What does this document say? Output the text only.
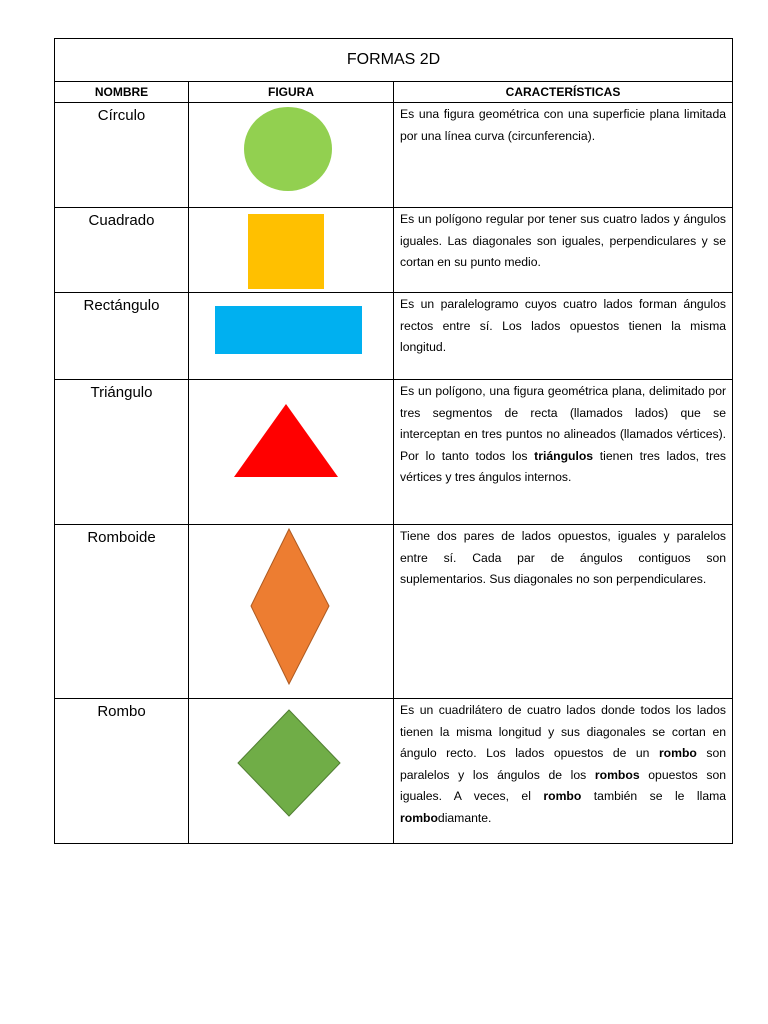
FORMAS 2D		
NOMBRE	FIGURA	CARACTERÍSTICAS
Círculo		Es una figura geométrica con una superficie plana limitada por una línea curva (circunferencia).

Cuadrado		Es un polígono regular por tener sus cuatro lados y ángulos iguales. Las diagonales son iguales, perpendiculares y se cortan en su punto medio.

Rectángulo		Es un paralelogramo cuyos cuatro lados forman ángulos rectos entre sí. Los lados opuestos tienen la misma longitud.

Triángulo		Es un polígono, una figura geométrica plana, delimitado por tres segmentos de recta (llamados lados) que se interceptan en tres puntos no alineados (llamados vértices). Por lo tanto todos los triángulos tienen tres lados, tres vértices y tres ángulos internos.

Romboide		Tiene dos pares de lados opuestos, iguales y paralelos entre sí. Cada par de ángulos contiguos son suplementarios. Sus diagonales no son perpendiculares.

Rombo		Es un cuadrilátero de cuatro lados donde todos los lados tienen la misma longitud y sus diagonales se cortan en ángulo recto. Los lados opuestos de un rombo son paralelos y los ángulos de los rombos opuestos son iguales. A veces, el rombo también se le llama rombodiamante.
